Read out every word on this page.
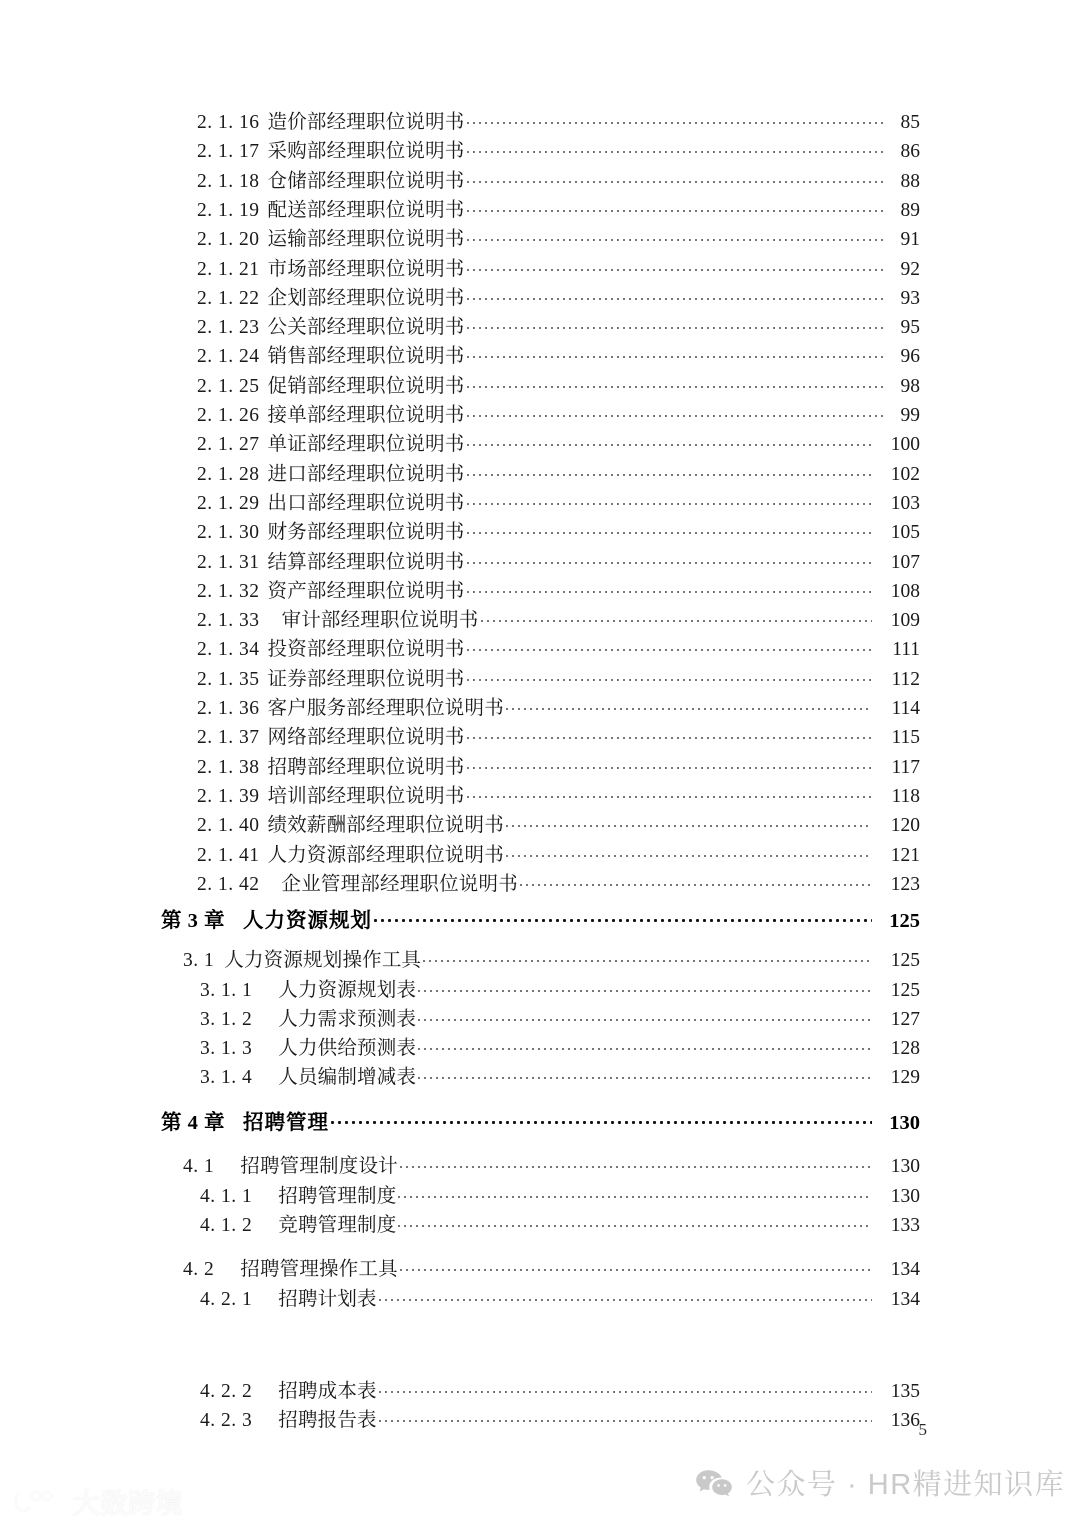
2. 1. 16 造价部经理职位说明书	85
2. 1. 17 采购部经理职位说明书	86
2. 1. 18 仓储部经理职位说明书	88
2. 1. 19 配送部经理职位说明书	89
2. 1. 20 运输部经理职位说明书	91
2. 1. 21 市场部经理职位说明书	92
2. 1. 22 企划部经理职位说明书	93
2. 1. 23 公关部经理职位说明书	95
2. 1. 24 销售部经理职位说明书	96
2. 1. 25 促销部经理职位说明书	98
2. 1. 26 接单部经理职位说明书	99
2. 1. 27 单证部经理职位说明书	100
2. 1. 28 进口部经理职位说明书	102
2. 1. 29 出口部经理职位说明书	103
2. 1. 30 财务部经理职位说明书	105
2. 1. 31 结算部经理职位说明书	107
2. 1. 32 资产部经理职位说明书	108
2. 1. 33	审计部经理职位说明书	109
2. 1. 34 投资部经理职位说明书	111
2. 1. 35 证券部经理职位说明书	112
2. 1. 36 客户服务部经理职位说明书	114
2. 1. 37 网络部经理职位说明书	115
2. 1. 38 招聘部经理职位说明书	117
2. 1. 39 培训部经理职位说明书	118
2. 1. 40 绩效薪酬部经理职位说明书	120
2. 1. 41 人力资源部经理职位说明书	121
2. 1. 42	企业管理部经理职位说明书	123
第 3 章 人力资源规划	125
3. 1 人力资源规划操作工具	125
3. 1. 1	人力资源规划表	125
3. 1. 2	人力需求预测表	127
3. 1. 3	人力供给预测表	128
3. 1. 4	人员编制增减表	129
第 4 章 招聘管理	130
4. 1	招聘管理制度设计	130
4. 1. 1	招聘管理制度	130
4. 1. 2	竞聘管理制度	133
4. 2	招聘管理操作工具	134
4. 2. 1	招聘计划表	134
4. 2. 2	招聘成本表	135
4. 2. 3	招聘报告表	136
5
公众号 · HR精进知识库
大数跨境
